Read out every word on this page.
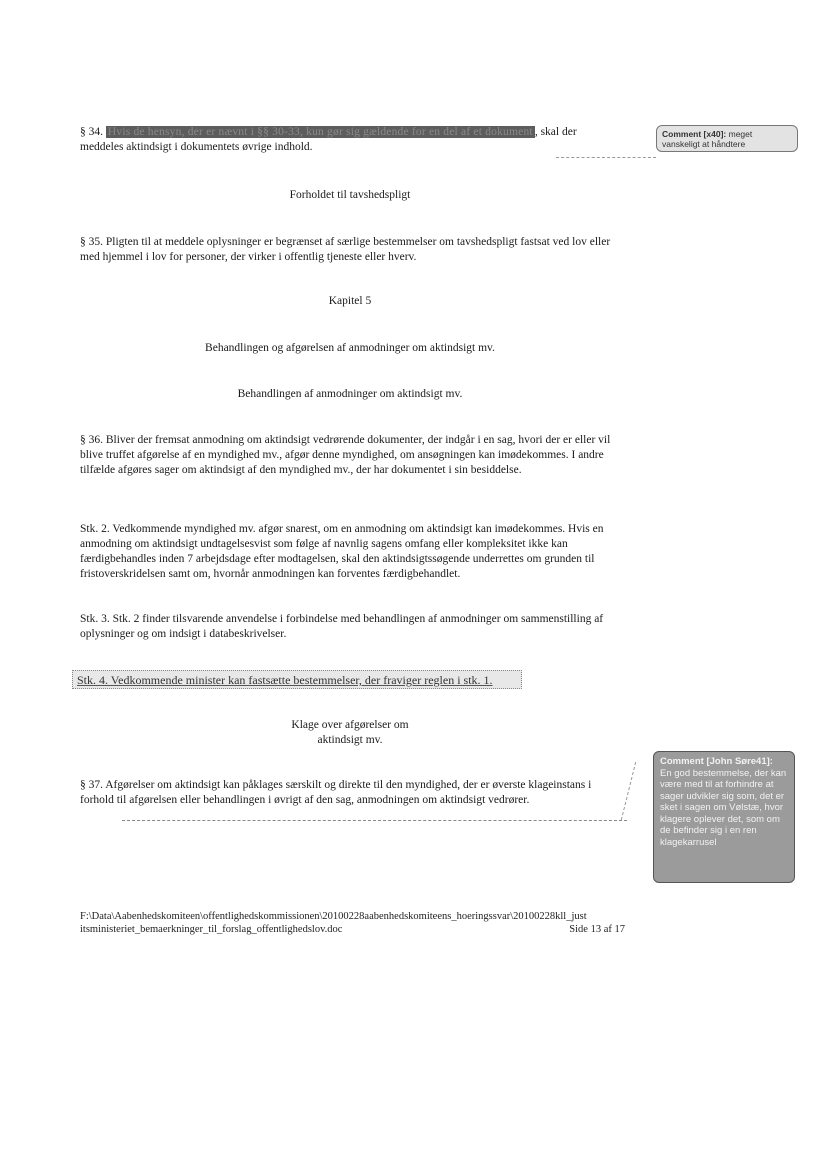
§ 34. Hvis de hensyn, der er nævnt i §§ 30-33, kun gør sig gældende for en del af et dokument , skal der meddeles aktindsigt i dokumentets øvrige indhold.
Forholdet til tavshedspligt
§ 35. Pligten til at meddele oplysninger er begrænset af særlige bestemmelser om tavshedspligt fastsat ved lov eller med hjemmel i lov for personer, der virker i offentlig tjeneste eller hverv.
Kapitel 5
Behandlingen og afgørelsen af anmodninger om aktindsigt mv.
Behandlingen af anmodninger om aktindsigt mv.
§ 36. Bliver der fremsat anmodning om aktindsigt vedrørende dokumenter, der indgår i en sag, hvori der er eller vil blive truffet afgørelse af en myndighed mv., afgør denne myndighed, om ansøgningen kan imødekommes. I andre tilfælde afgøres sager om aktindsigt af den myndighed mv., der har dokumentet i sin besiddelse.
Stk. 2. Vedkommende myndighed mv. afgør snarest, om en anmodning om aktindsigt kan imødekommes. Hvis en anmodning om aktindsigt undtagelsesvist som følge af navnlig sagens omfang eller kompleksitet ikke kan færdigbehandles inden 7 arbejdsdage efter modtagelsen, skal den aktindsigtssøgende underrettes om grunden til fristoverskridelsen samt om, hvornår anmodningen kan forventes færdigbehandlet.
Stk. 3. Stk. 2 finder tilsvarende anvendelse i forbindelse med behandlingen af anmodninger om sammenstilling af oplysninger og om indsigt i databeskrivelser.
Stk. 4. Vedkommende minister kan fastsætte bestemmelser, der fraviger reglen i stk. 1.
Klage over afgørelser om
aktindsigt mv.
§ 37. Afgørelser om aktindsigt kan påklages særskilt og direkte til den myndighed, der er øverste klageinstans i forhold til afgørelsen eller behandlingen i øvrigt af den sag, anmodningen om aktindsigt vedrører.
Comment [x40]: meget vanskeligt at håndtere
Comment [John Søre41]:
En god bestemmelse, der kan være med til at forhindre at sager udvikler sig som, det er sket i sagen om Vølstæ, hvor klagere oplever det, som om de befinder sig i en ren klagekarrusel
F:\Data\Aabenhedskomiteen\offentlighedskommissionen\20100228aabenhedskomiteens_hoeringssvar\20100228kll_just
itsministeriet_bemaerkninger_til_forslag_offentlighedslov.doc	Side 13 af 17
